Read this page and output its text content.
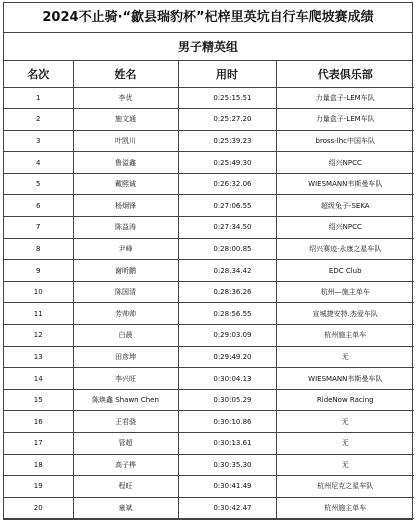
2024不止骑·“歙县瑞豹杯”杞梓里英坑自行车爬坡赛成绩
男子精英组
名次	姓名	用时	代表俱乐部
1	李优	0:25:15.51	力量盒子-LEM车队
2	施文通	0:25:27.20	力量盒子-LEM车队
3	叶凯川	0:25:39.23	bross-lhc中国车队
4	鲁溢鑫	0:25:49.30	绍兴NPCC
5	戴熙诚	0:26:32.06	WIESMANN韦斯曼车队
6	杨炯锋	0:27:06.55	超级兔子-SEKA
7	陈益涛	0:27:34.50	绍兴NPCC
8	尹峰	0:28:00.85	绍兴赛迹·永康之星车队
9	谢昕鹏	0:28.34.42	EDC Club
10	陈国清	0:28:36.26	杭州—施主单车
11	芳帅帅	0:28:56.55	宣城捷安特.杰爱车队
12	白晨	0:29:03.09	杭州施主单车
13	田彦坤	0:29:49.20	无
14	李兴旺	0:30:04.13	WIESMANN韦斯曼车队
15	陈焕鑫 Shawn Chen	0:30:05.29	RideNow Racing
16	王君骁	0:30:10.86	无
17	管超	0:30:13.61	无
18	高子桦	0:30:35.30	无
19	程旺	0:30:41.49	杭州尼克之星车队
20	童斌	0:30:42.47	杭州施主单车
